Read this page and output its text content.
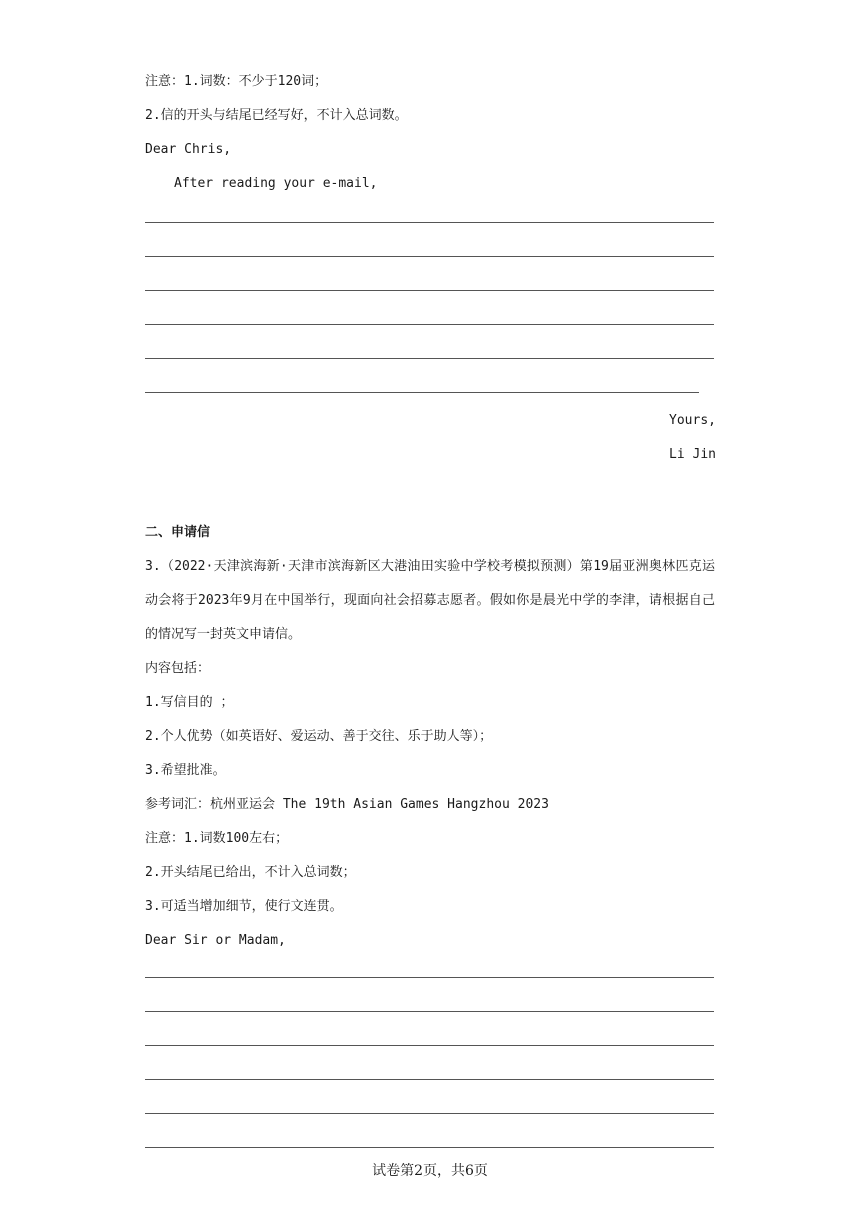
注意：1.词数：不少于120词；
2.信的开头与结尾已经写好，不计入总词数。
Dear Chris,
After reading your e-mail,
Yours,
Li Jin
二、申请信
3.（2022·天津滨海新·天津市滨海新区大港油田实验中学校考模拟预测）第19届亚洲奥林匹克运动会将于2023年9月在中国举行，现面向社会招募志愿者。假如你是晨光中学的李津，请根据自己的情况写一封英文申请信。
内容包括：
1.写信目的 ；
2.个人优势（如英语好、爱运动、善于交往、乐于助人等）；
3.希望批准。
参考词汇：杭州亚运会 The 19th Asian Games Hangzhou 2023
注意：1.词数100左右；
2.开头结尾已给出，不计入总词数；
3.可适当增加细节，使行文连贯。
Dear Sir or Madam,
试卷第2页，共6页
